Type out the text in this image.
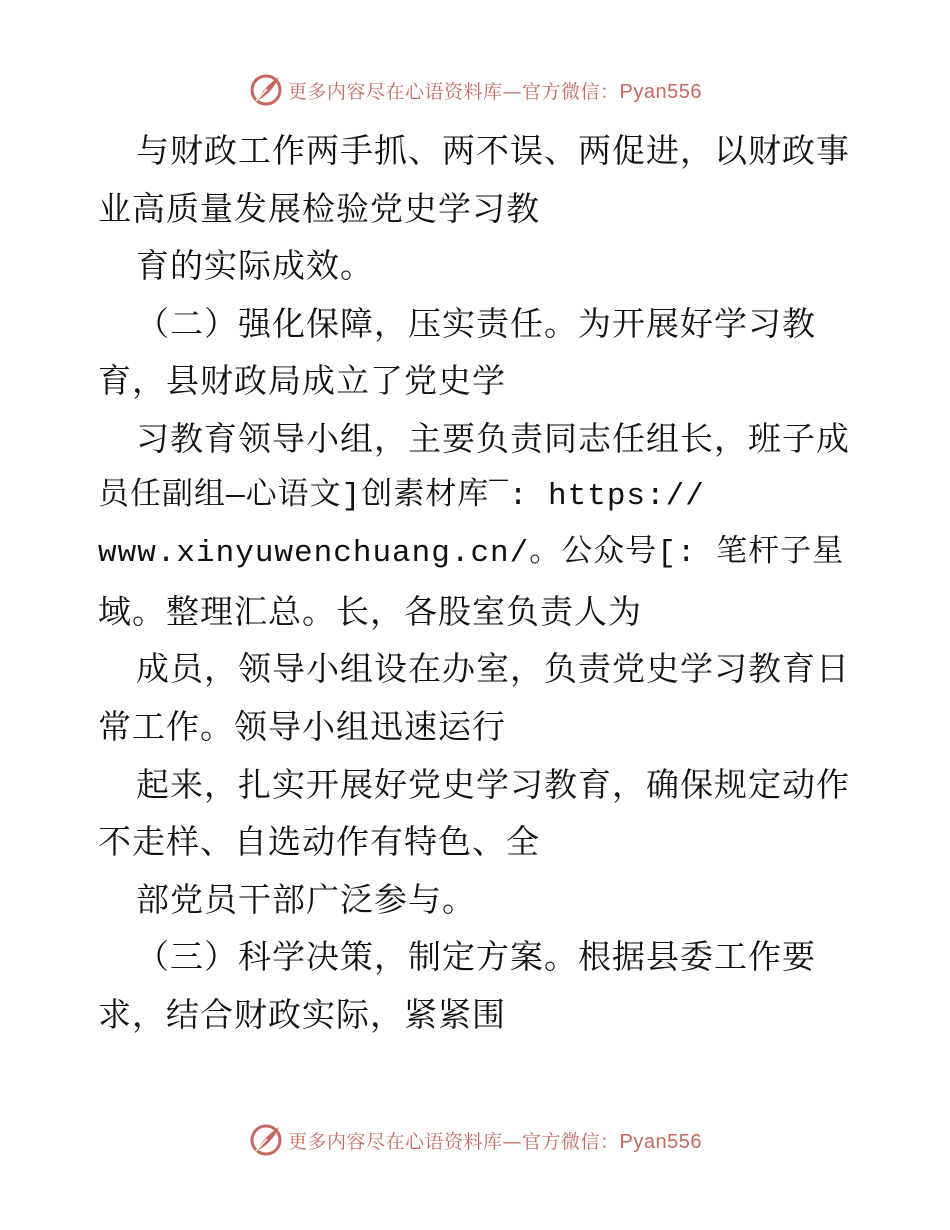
更多内容尽在心语资料库—官方微信：Pyan556
与财政工作两手抓、两不误、两促进，以财政事
业高质量发展检验党史学习教
育的实际成效。
（二）强化保障，压实责任。为开展好学习教
育，县财政局成立了党史学
习教育领导小组，主要负责同志任组长，班子成
员任副组—心语文]创素材库¯: https://
www.xinyuwenchuang.cn/。公众号[: 笔杆子星
域。整理汇总。长，各股室负责人为
成员，领导小组设在办室，负责党史学习教育日
常工作。领导小组迅速运行
起来，扎实开展好党史学习教育，确保规定动作
不走样、自选动作有特色、全
部党员干部广泛参与。
（三）科学决策，制定方案。根据县委工作要
求，结合财政实际，紧紧围
更多内容尽在心语资料库—官方微信：Pyan556
